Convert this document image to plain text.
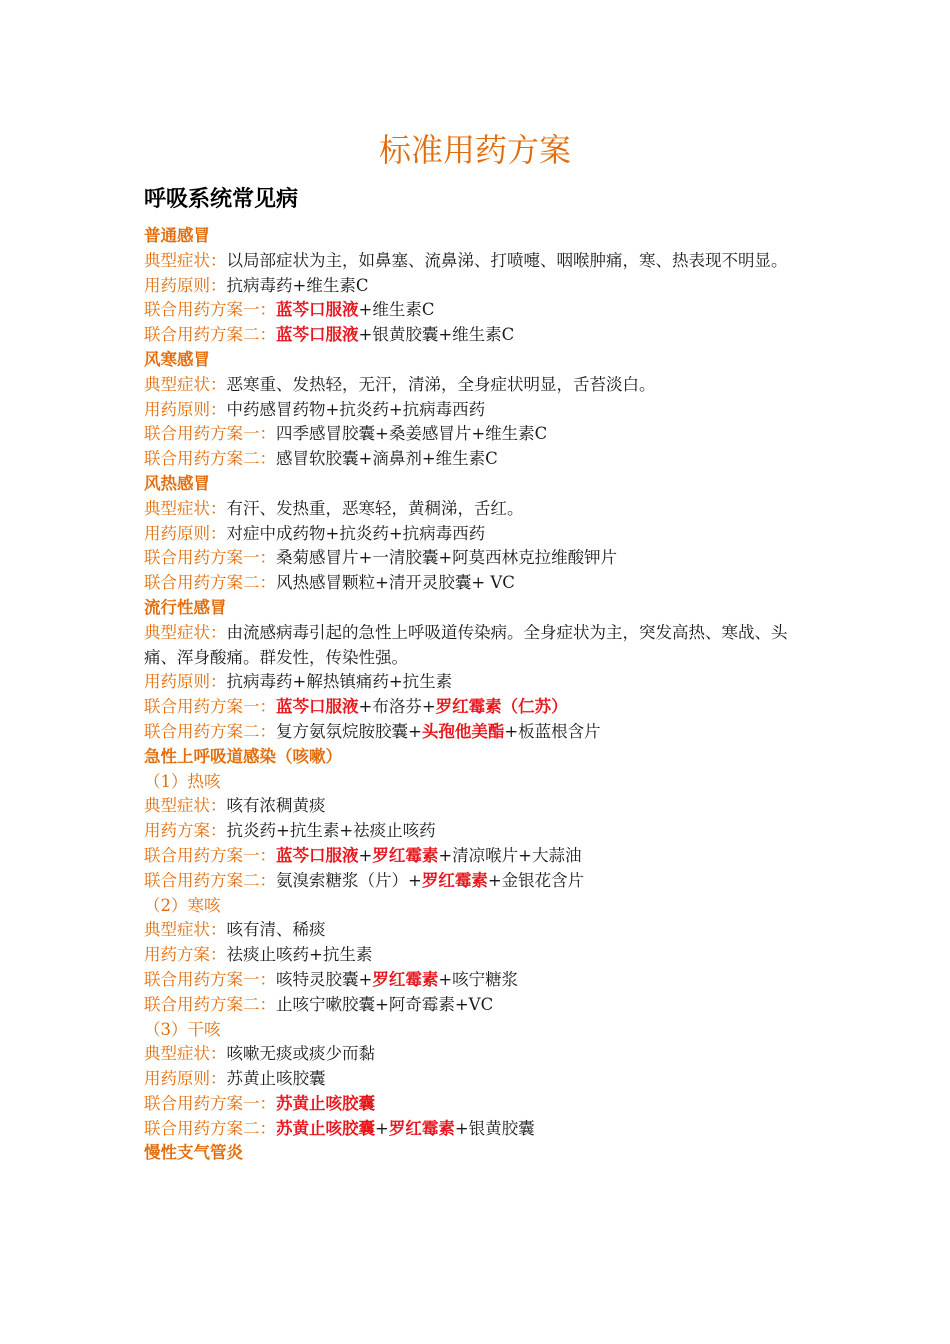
标准用药方案
呼吸系统常见病

普通感冒

典型症状：以局部症状为主，如鼻塞、流鼻涕、打喷嚏、咽喉肿痛，寒、热表现不明显。

用药原则：抗病毒药+维生素C

联合用药方案一：蓝芩口服液+维生素C

联合用药方案二：蓝芩口服液+银黄胶囊+维生素C

风寒感冒

典型症状：恶寒重、发热轻，无汗，清涕，全身症状明显，舌苔淡白。

用药原则：中药感冒药物+抗炎药+抗病毒西药

联合用药方案一：四季感冒胶囊+桑姜感冒片+维生素C

联合用药方案二：感冒软胶囊+滴鼻剂+维生素C

风热感冒

典型症状：有汗、发热重，恶寒轻，黄稠涕，舌红。

用药原则：对症中成药物+抗炎药+抗病毒西药

联合用药方案一：桑菊感冒片+一清胶囊+阿莫西林克拉维酸钾片

联合用药方案二：风热感冒颗粒+清开灵胶囊+ VC

流行性感冒

典型症状：由流感病毒引起的急性上呼吸道传染病。全身症状为主，突发高热、寒战、头痛、浑身酸痛。群发性，传染性强。

用药原则：抗病毒药+解热镇痛药+抗生素

联合用药方案一：蓝芩口服液+布洛芬+罗红霉素（仁苏）

联合用药方案二：复方氨氛烷胺胶囊+头孢他美酯+板蓝根含片

急性上呼吸道感染（咳嗽）

（1）热咳

典型症状：咳有浓稠黄痰

用药方案：抗炎药+抗生素+祛痰止咳药

联合用药方案一：蓝芩口服液+罗红霉素+清凉喉片+大蒜油

联合用药方案二：氨溴索糖浆（片）+罗红霉素+金银花含片

（2）寒咳

典型症状：咳有清、稀痰

用药方案：祛痰止咳药+抗生素

联合用药方案一：咳特灵胶囊+罗红霉素+咳宁糖浆

联合用药方案二：止咳宁嗽胶囊+阿奇霉素+VC

（3）干咳

典型症状：咳嗽无痰或痰少而黏

用药原则：苏黄止咳胶囊

联合用药方案一：苏黄止咳胶囊

联合用药方案二：苏黄止咳胶囊+罗红霉素+银黄胶囊

慢性支气管炎
